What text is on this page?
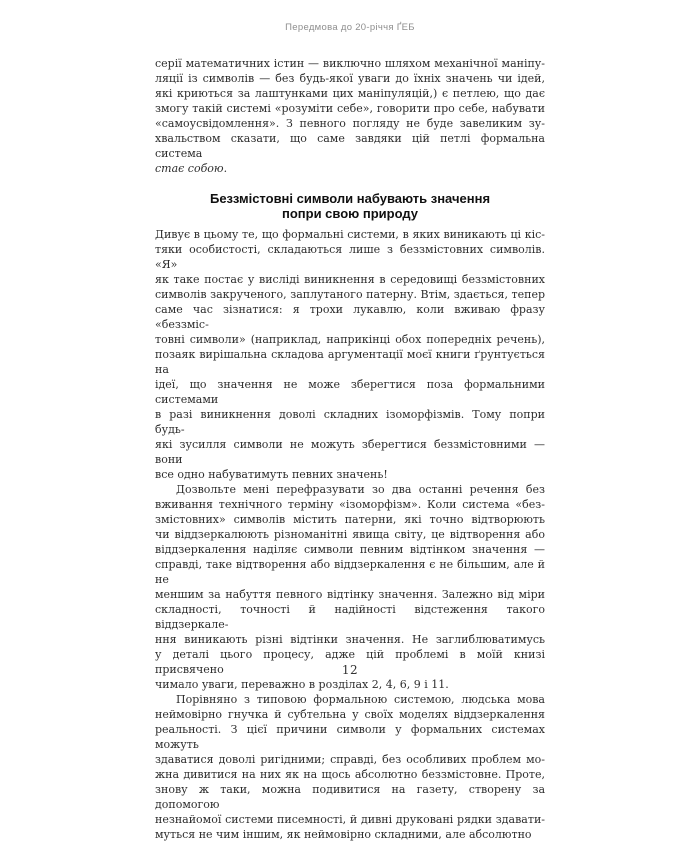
Передмова до 20-річчя ҐЕБ
серії математичних істин — виключно шляхом механічної маніпу-
ляції із символів — без будь-якої уваги до їхніх значень чи ідей,
які криються за лаштунками цих маніпуляцій,) є петлею, що дає
змогу такій системі «розуміти себе», говорити про себе, набувати
«самоусвідомлення». З певного погляду не буде завеликим зу-
хвальством сказати, що саме завдяки цій петлі формальна система
стає собою.
Беззмістовні символи набувають значення
попри свою природу
Дивує в цьому те, що формальні системи, в яких виникають ці кіс-
тяки особистості, складаються лише з беззмістовних символів. «Я»
як таке постає у висліді виникнення в середовищі беззмістовних
символів закрученого, заплутаного патерну. Втім, здається, тепер
саме час зізнатися: я трохи лукавлю, коли вживаю фразу «беззміс-
товні символи» (наприклад, наприкінці обох попередніх речень),
позаяк вирішальна складова аргументації моєї книги ґрунтується на
ідеї, що значення не може зберегтися поза формальними системами
в разі виникнення доволі складних ізоморфізмів. Тому попри будь-
які зусилля символи не можуть зберегтися беззмістовними — вони
все одно набуватимуть певних значень!
Дозвольте мені перефразувати зо два останні речення без
вживання технічного терміну «ізоморфізм». Коли система «без-
змістовних» символів містить патерни, які точно відтворюють
чи віддзеркалюють різноманітні явища світу, це відтворення або
віддзеркалення наділяє символи певним відтінком значення —
справді, таке відтворення або віддзеркалення є не більшим, але й не
меншим за набуття певного відтінку значення. Залежно від міри
складності, точності й надійності відстеження такого віддзеркале-
ння виникають різні відтінки значення. Не заглиблюватимусь
у деталі цього процесу, адже цій проблемі в моїй книзі присвячено
чимало уваги, переважно в розділах 2, 4, 6, 9 і 11.
Порівняно з типовою формальною системою, людська мова
неймовірно гнучка й субтельна у своїх моделях віддзеркалення
реальності. З цієї причини символи у формальних системах можуть
здаватися доволі ригідними; справді, без особливих проблем мо-
жна дивитися на них як на щось абсолютно беззмістовне. Проте,
знову ж таки, можна подивитися на газету, створену за допомогою
незнайомої системи писемності, й дивні друковані рядки здавати-
муться не чим іншим, як неймовірно складними, але абсолютно
12
